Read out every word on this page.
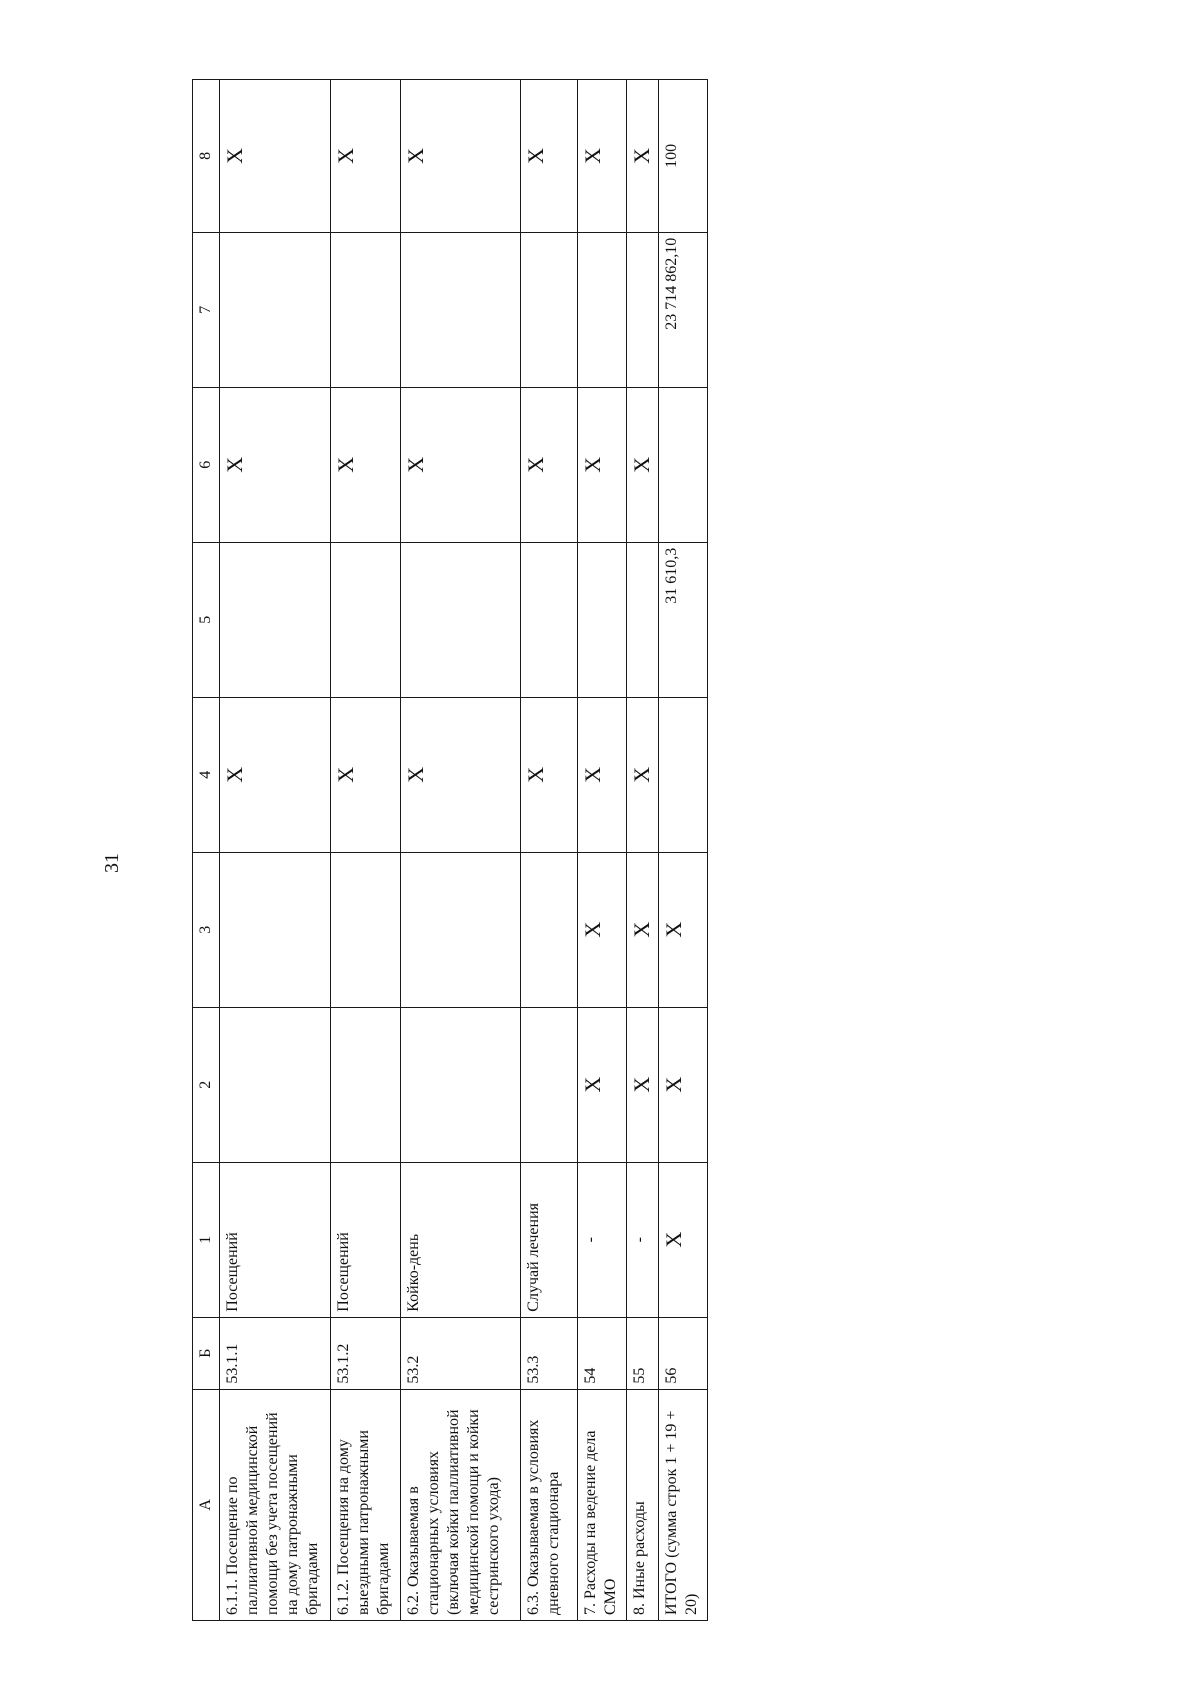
31
А	Б	1	2	3	4	5	6	7	8
6.1.1. Посещение по паллиативной медицинской помощи без учета посещений на дому патронажными бригадами	53.1.1	Посещений			X		X		X
6.1.2. Посещения на дому выездными патронажными бригадами	53.1.2	Посещений			X		X		X
6.2. Оказываемая в стационарных условиях (включая койки паллиативной медицинской помощи и койки сестринского ухода)	53.2	Койко-день			X		X		X
6.3. Оказываемая в условиях дневного стационара	53.3	Случай лечения			X		X		X
7. Расходы на ведение дела СМО	54	-	X	X	X		X		X
8. Иные расходы	55	-	X	X	X		X		X
ИТОГО (сумма строк 1 + 19 + 20)	56	X	X	X		31 610,3		23 714 862,10	100
